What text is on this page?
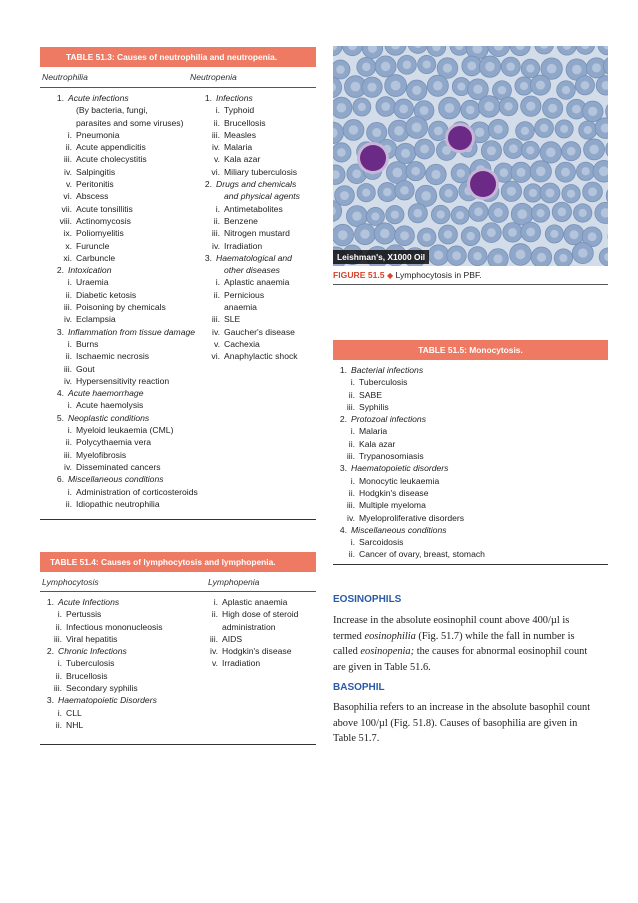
TABLE 51.3: Causes of neutrophilia and neutropenia.
Neutrophilia	Neutropenia
1. Acute infections
(By bacteria, fungi,
parasites and some viruses)
i. Pneumonia
ii. Acute appendicitis
iii. Acute cholecystitis
iv. Salpingitis
v. Peritonitis
vi. Abscess
vii. Acute tonsillitis
viii. Actinomycosis
ix. Poliomyelitis
x. Furuncle
xi. Carbuncle
2. Intoxication
i. Uraemia
ii. Diabetic ketosis
iii. Poisoning by chemicals
iv. Eclampsia
3. Inflammation from tissue damage
i. Burns
ii. Ischaemic necrosis
iii. Gout
iv. Hypersensitivity reaction
4. Acute haemorrhage
i. Acute haemolysis
5. Neoplastic conditions
i. Myeloid leukaemia (CML)
ii. Polycythaemia vera
iii. Myelofibrosis
iv. Disseminated cancers
6. Miscellaneous conditions
i. Administration of corticosteroids
ii. Idiopathic neutrophilia
1. Infections
i. Typhoid
ii. Brucellosis
iii. Measles
iv. Malaria
v. Kala azar
vi. Miliary tuberculosis
2. Drugs and chemicals
and physical agents
i. Antimetabolites
ii. Benzene
iii. Nitrogen mustard
iv. Irradiation
3. Haematological and
other diseases
i. Aplastic anaemia
ii. Pernicious
anaemia
iii. SLE
iv. Gaucher's disease
v. Cachexia
vi. Anaphylactic shock
Leishman's, X1000 Oil
FIGURE 51.5 ◆ Lymphocytosis in PBF.
TABLE 51.5: Monocytosis.
1. Bacterial infections
i. Tuberculosis
ii. SABE
iii. Syphilis
2. Protozoal infections
i. Malaria
ii. Kala azar
iii. Trypanosomiasis
3. Haematopoietic disorders
i. Monocytic leukaemia
ii. Hodgkin's disease
iii. Multiple myeloma
iv. Myeloproliferative disorders
4. Miscellaneous conditions
i. Sarcoidosis
ii. Cancer of ovary, breast, stomach
TABLE 51.4: Causes of lymphocytosis and lymphopenia.
Lymphocytosis	Lymphopenia
1. Acute Infections
i. Pertussis
ii. Infectious mononucleosis
iii. Viral hepatitis
2. Chronic Infections
i. Tuberculosis
ii. Brucellosis
iii. Secondary syphilis
3. Haematopoietic Disorders
i. CLL
ii. NHL
i. Aplastic anaemia
ii. High dose of steroid
administration
iii. AIDS
iv. Hodgkin's disease
v. Irradiation
EOSINOPHILS
Increase in the absolute eosinophil count above 400/µl is
termed eosinophilia (Fig. 51.7) while the fall in number is
called eosinopenia; the causes for abnormal eosinophil count
are given in Table 51.6.
BASOPHIL
Basophilia refers to an increase in the absolute basophil count
above 100/µl (Fig. 51.8). Causes of basophilia are given in
Table 51.7.
